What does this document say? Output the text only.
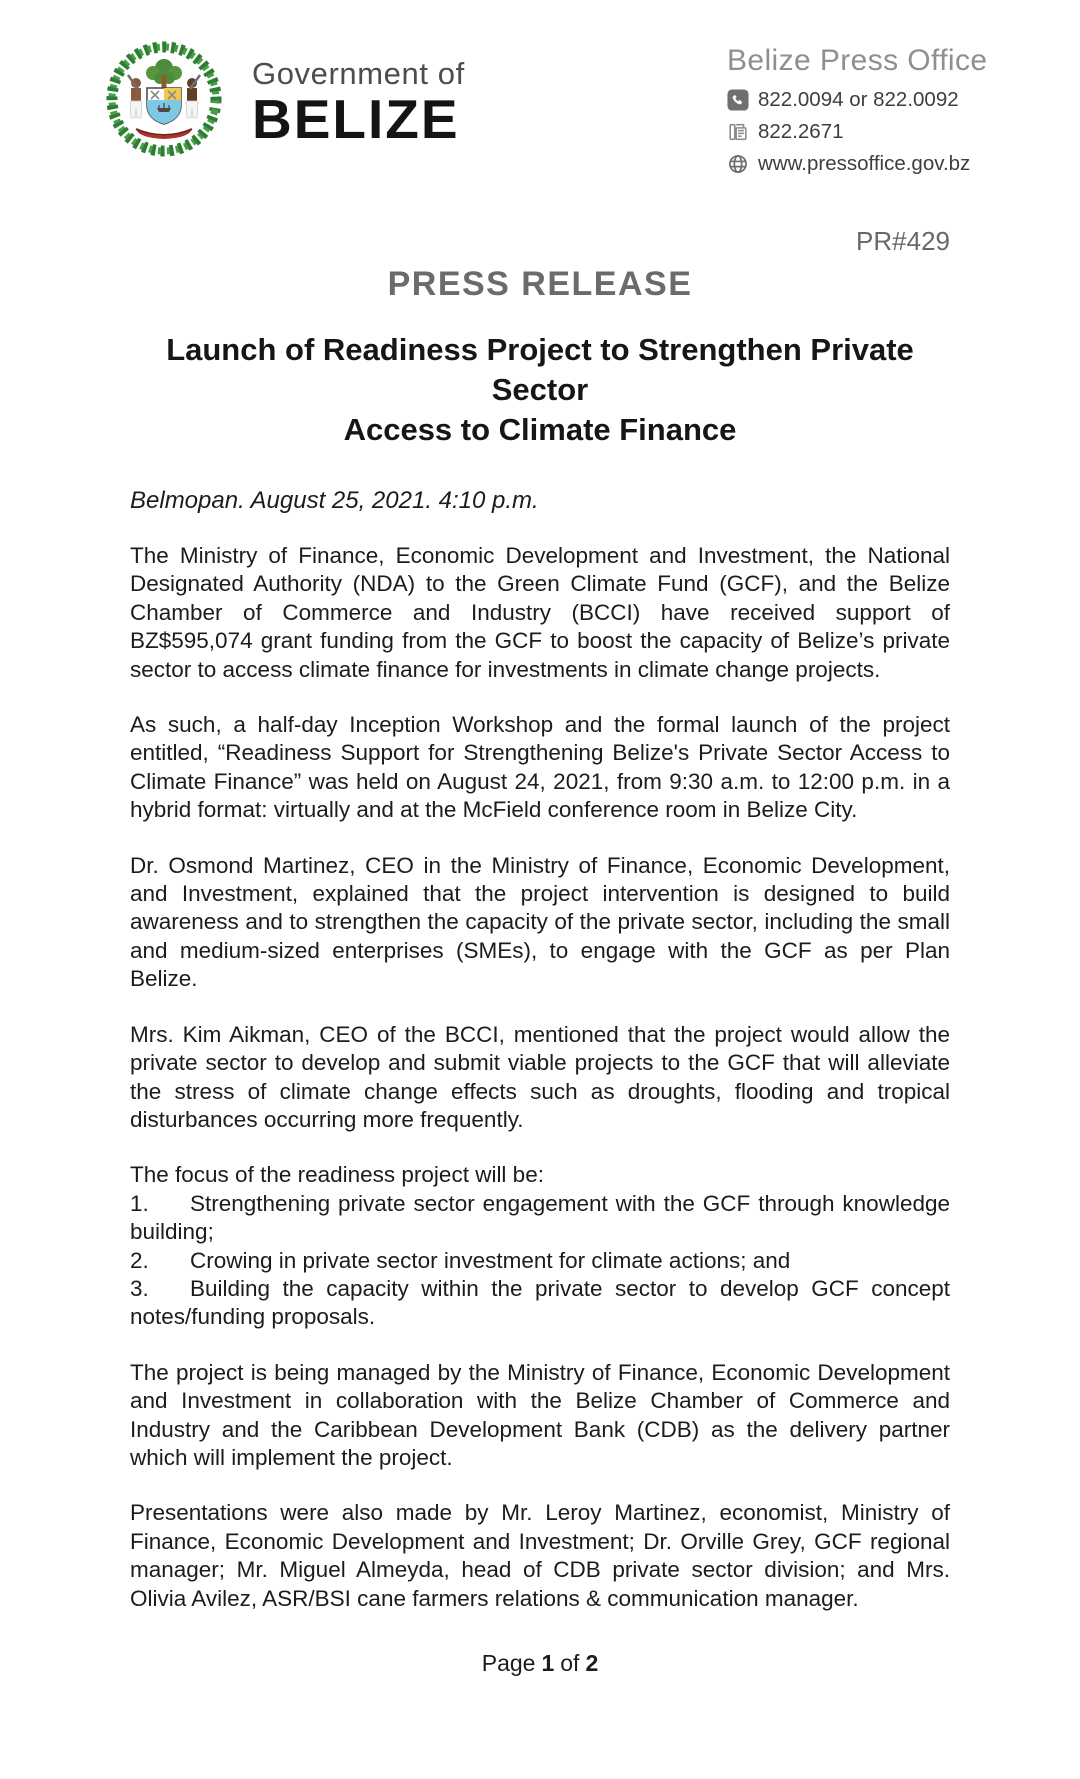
Government of
BELIZE
Belize Press Office
822.0094 or 822.0092
822.2671
www.pressoffice.gov.bz
PR#429
PRESS RELEASE
Launch of Readiness Project to Strengthen Private Sector
Access to Climate Finance
Belmopan. August 25, 2021. 4:10 p.m.

The Ministry of Finance, Economic Development and Investment, the National Designated Authority (NDA) to the Green Climate Fund (GCF), and the Belize Chamber of Commerce and Industry (BCCI) have received support of BZ$595,074 grant funding from the GCF to boost the capacity of Belize’s private sector to access climate finance for investments in climate change projects.

As such, a half-day Inception Workshop and the formal launch of the project entitled, “Readiness Support for Strengthening Belize's Private Sector Access to Climate Finance” was held on August 24, 2021, from 9:30 a.m. to 12:00 p.m. in a hybrid format: virtually and at the McField conference room in Belize City.

Dr. Osmond Martinez, CEO in the Ministry of Finance, Economic Development, and Investment, explained that the project intervention is designed to build awareness and to strengthen the capacity of the private sector, including the small and medium-sized enterprises (SMEs), to engage with the GCF as per Plan Belize.

Mrs. Kim Aikman, CEO of the BCCI, mentioned that the project would allow the private sector to develop and submit viable projects to the GCF that will alleviate the stress of climate change effects such as droughts, flooding and tropical disturbances occurring more frequently.

The focus of the readiness project will be:

1. Strengthening private sector engagement with the GCF through knowledge building;

2. Crowing in private sector investment for climate actions; and

3. Building the capacity within the private sector to develop GCF concept notes/funding proposals.

The project is being managed by the Ministry of Finance, Economic Development and Investment in collaboration with the Belize Chamber of Commerce and Industry and the Caribbean Development Bank (CDB) as the delivery partner which will implement the project.

Presentations were also made by Mr. Leroy Martinez, economist, Ministry of Finance, Economic Development and Investment; Dr. Orville Grey, GCF regional manager; Mr. Miguel Almeyda, head of CDB private sector division; and Mrs. Olivia Avilez, ASR/BSI cane farmers relations & communication manager.

Page 1 of 2
